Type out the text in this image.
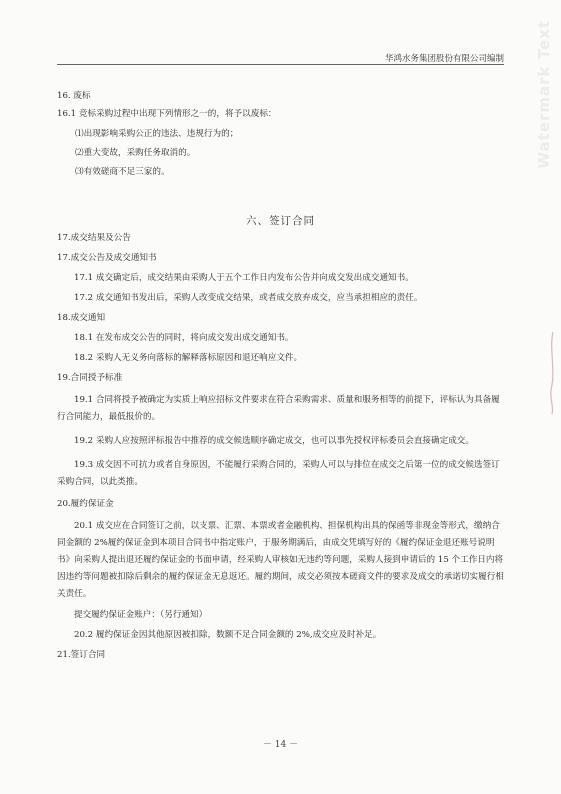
Watermark Text
华鸿水务集团股份有限公司编制

16. 废标

16.1 竞标采购过程中出现下列情形之一的，将予以废标：

⑴出现影响采购公正的违法、违规行为的；

⑵重大变故，采购任务取消的。

⑶有效磋商不足三家的。

六、签订合同

17.成交结果及公告

17.成交公告及成交通知书

17.1 成交确定后，成交结果由采购人于五个工作日内发布公告并向成交发出成交通知书。

17.2 成交通知书发出后，采购人改变成交结果，或者成交放弃成交，应当承担相应的责任。

18.成交通知

18.1 在发布成交公告的同时，将向成交发出成交通知书。

18.2 采购人无义务向落标的解释落标原因和退还响应文件。

19.合同授予标准

19.1 合同将授予被确定为实质上响应招标文件要求在符合采购需求、质量和服务相等的前提下，评标认为具备履行合同能力，最低报价的。

19.2 采购人应按照评标报告中推荐的成交候选顺序确定成交，也可以事先授权评标委员会直接确定成交。

19.3 成交因不可抗力或者自身原因，不能履行采购合同的，采购人可以与排位在成交之后第一位的成交候选签订采购合同，以此类推。

20.履约保证金

20.1 成交应在合同签订之前，以支票、汇票、本票或者金融机构、担保机构出具的保函等非现金等形式，缴纳合同金额的 2%履约保证金到本项目合同书中指定账户，于服务期满后，由成交凭填写好的《履约保证金退还账号说明书》向采购人提出退还履约保证金的书面申请，经采购人审核如无违约等问题，采购人接到申请后的 15 个工作日内将因违约等问题被扣除后剩余的履约保证金无息返还。履约期间，成交必须按本磋商文件的要求及成交的承诺切实履行相关责任。

提交履约保证金账户：（另行通知）

20.2 履约保证金因其他原因被扣除，数额不足合同金额的 2%,成交应及时补足。

21.签订合同

－ 14 －
